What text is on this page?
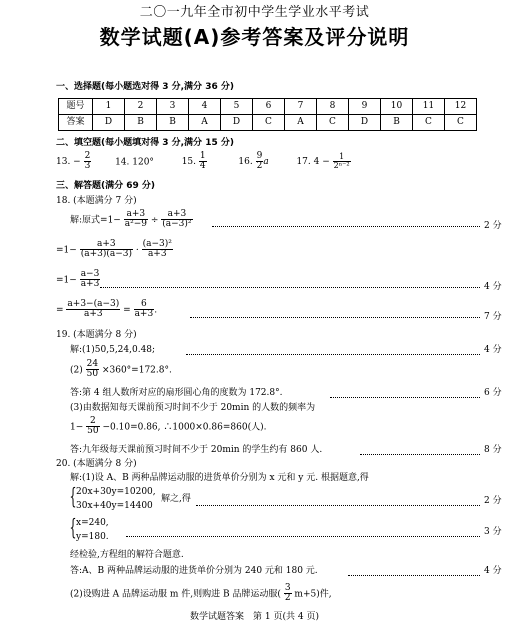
二〇一九年全市初中学生学业水平考试
数学试题(A)参考答案及评分说明
一、选择题(每小题选对得 3 分,满分 36 分)
题号	1	2	3	4	5	6	7	8	9	10	11	12
答案	D	B	B	A	D	C	A	C	D	B	C	C
二、填空题(每小题填对得 3 分,满分 15 分)
13. − $\frac{2}{3}$	14. 120°	15. $\frac{1}{4}$	16. $\frac{9}{2}$ a	17. $4 - \frac{1}{\text{2ⁿ⁻²}}$
三、解答题(满分 69 分)
18. (本题满分 7 分)
解:原式$=1- \frac{a+3}{\text{a²−9}} \div \frac{a+3}{\text{(a−3)²}}$	2 分
$=1- \frac{a+3}{(a+3)(a-3)} \cdot \frac{\text{(a−3)²}}{a+3}$
$=1- \frac{a-3}{a+3}$	4 分
= $\frac{a+3-(a-3)}{a+3} = \frac{6}{a+3}$ .
7 分
19. (本题满分 8 分)
解:(1)50,5,24,0.48;	4 分
$(2) \frac{24}{50} \times 360^\circ=172.8^\circ$.
答:第 4 组人数所对应的扇形圆心角的度数为 172.8°.	6 分
(3)由数据知每天课前预习时间不少于 20min 的人数的频率为
$1- \frac{2}{50} -0.10=0.86$, ∴1000×0.86=860(人).
答:九年级每天课前预习时间不少于 20min 的学生约有 860 人.	8 分
20. (本题满分 8 分)
解:(1)设 A、B 两种品牌运动服的进货单价分别为 x 元和 y 元. 根据题意,得
{ 20x+30y=10200,
30x+40y=14400
解之,得	2 分
{ x=240,
y=180.	3 分
经检验,方程组的解符合题意.
答:A、B 两种品牌运动服的进货单价分别为 240 元和 180 元.	4 分
(2)设购进 A 品牌运动服 m 件,则购进 B 品牌运动服( $\frac{3}{2} m+5$)件,
数学试题答案　第 1 页(共 4 页)
